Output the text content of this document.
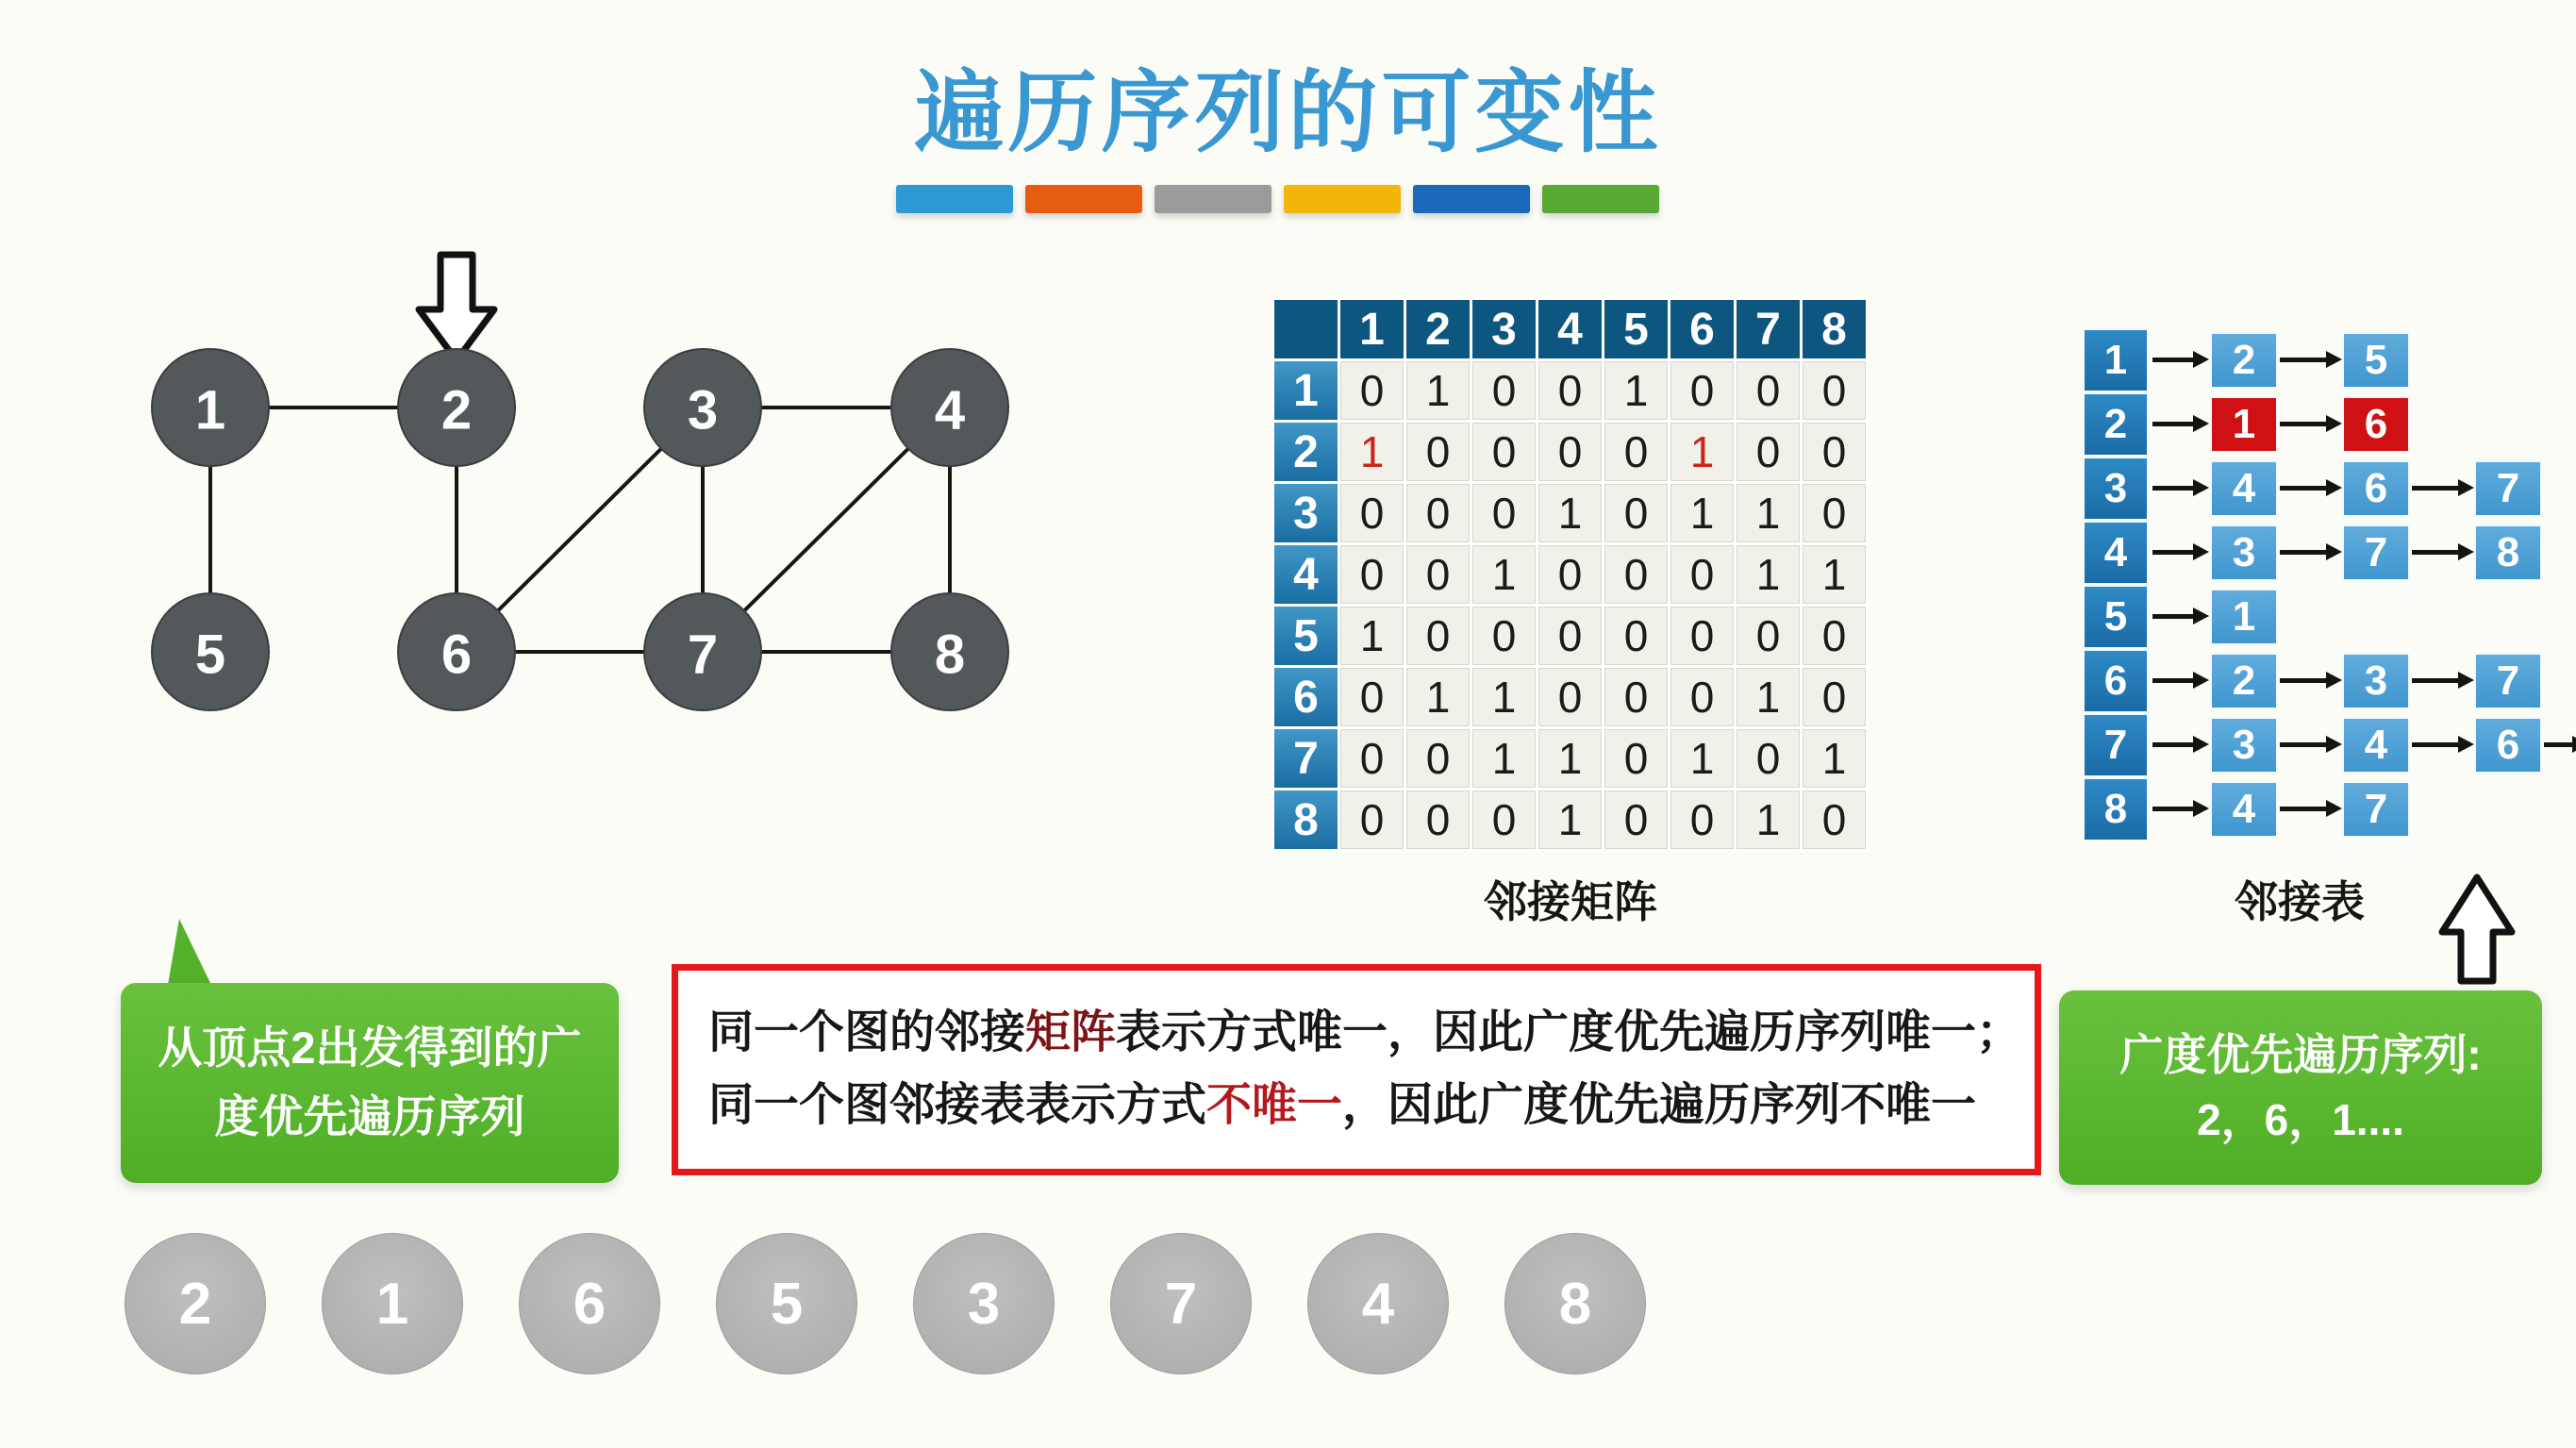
遍历序列的可变性
1	2	3	4
5	6	7	8
1 2 3 4 5 6 7 8
1 0 1 0 0 1 0 0 0
2 1 0 0 0 0 1 0 0
3 0 0 0 1 0 1 1 0
4 0 0 1 0 0 0 1 1
5 1 0 0 0 0 0 0 0
6 0 1 1 0 0 0 1 0
7 0 0 1 1 0 1 0 1
8 0 0 0 1 0 0 1 0
邻接矩阵
1	2	5
2	1	6
3	4	6	7
4	3	7	8
5	1
6	2	3	7
7	3	4	6
8	4	7
邻接表
从顶点2出发得到的广
度优先遍历序列
同一个图的邻接矩阵表示方式唯一，因此广度优先遍历序列唯一；
同一个图邻接表表示方式不唯一，因此广度优先遍历序列不唯一
广度优先遍历序列:
2，6，1....
2	1	6	5	3	7	4	8
